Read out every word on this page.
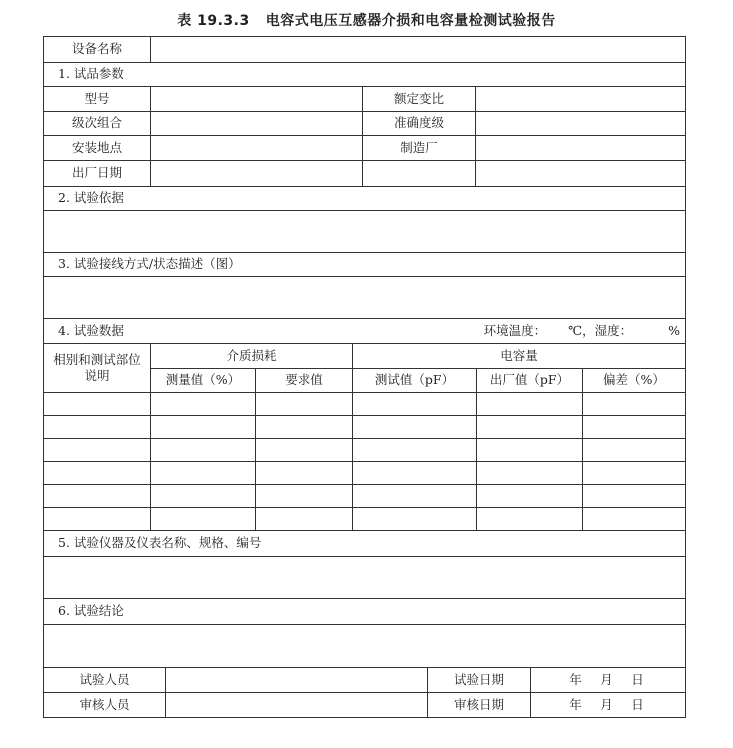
表 19.3.3 电容式电压互感器介损和电容量检测试验报告
设备名称
1. 试品参数
型号	额定变比
级次组合	准确度级
安装地点	制造厂
出厂日期
2. 试验依据
3. 试验接线方式/状态描述（图）
4. 试验数据	环境温度： ℃，湿度：	%
相别和测试部位说明
介质损耗	电容量
测量值（%）	要求值	测试值（pF）	出厂值（pF）	偏差（%）
5. 试验仪器及仪表名称、规格、编号
6. 试验结论
试验人员	试验日期	年　月　日
审核人员	审核日期	年　月　日
